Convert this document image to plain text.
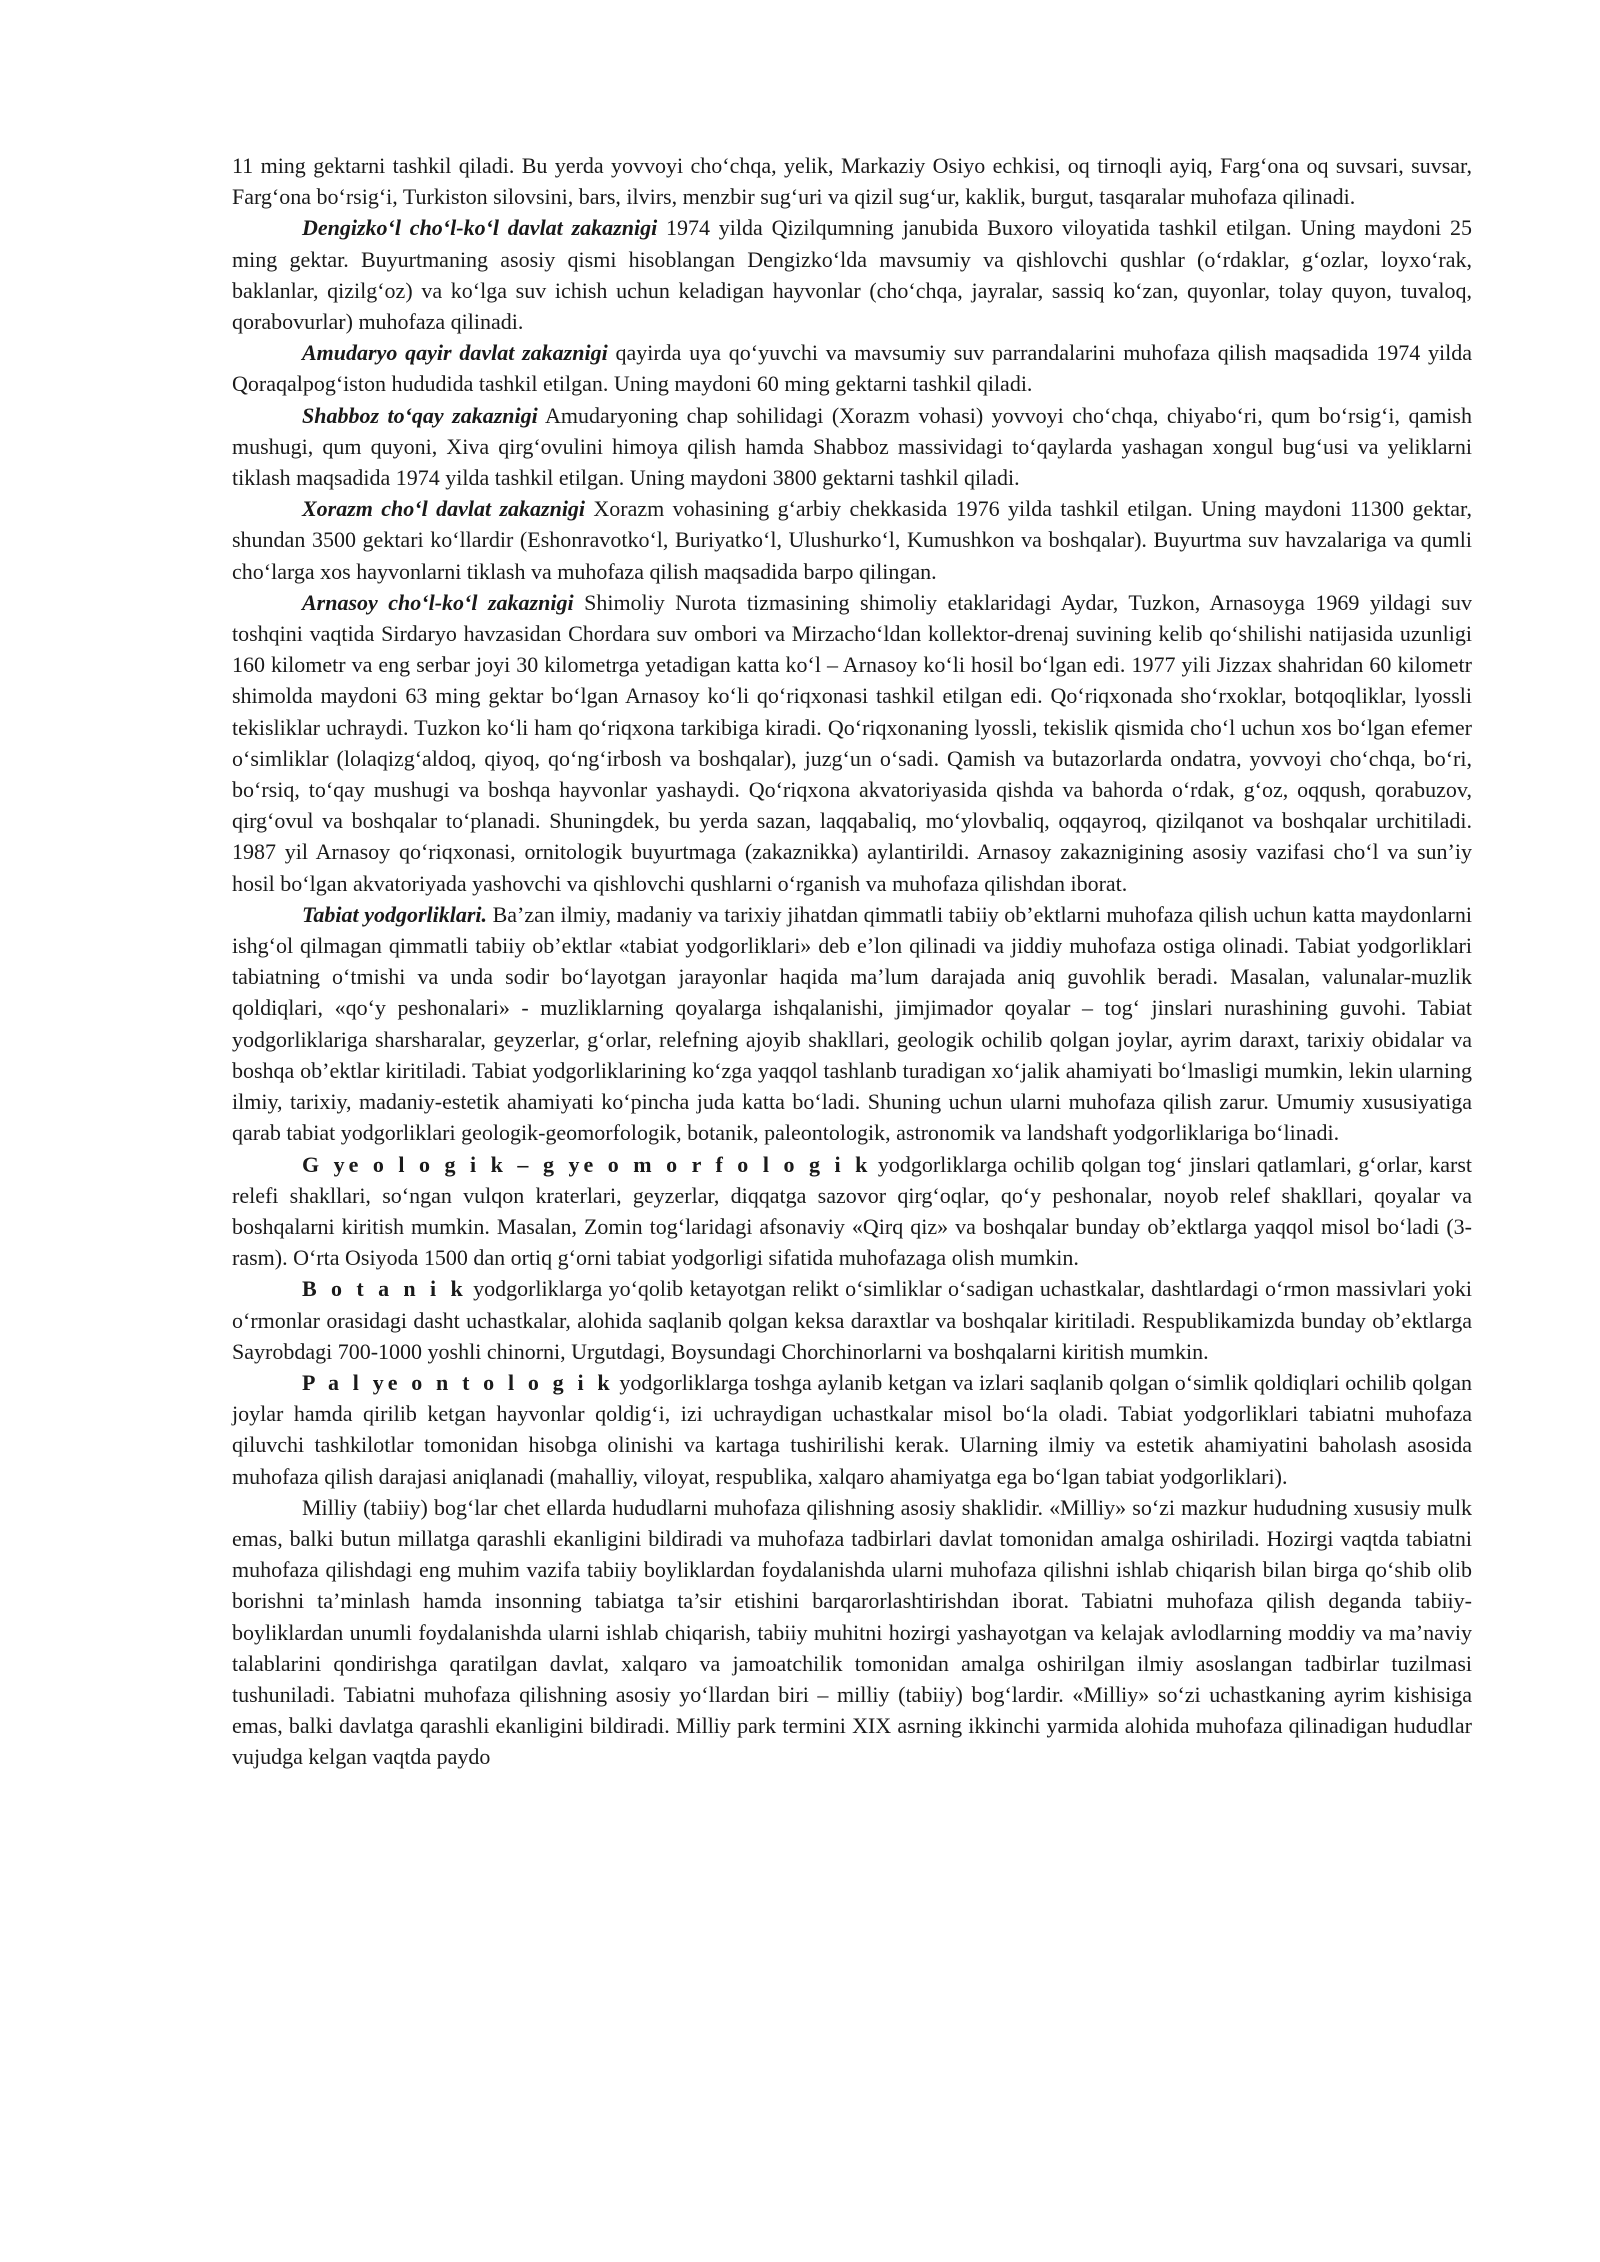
11 ming gektarni tashkil qiladi. Bu yerda yovvoyi cho‘chqa, yelik, Markaziy Osiyo echkisi, oq tirnoqli ayiq, Farg‘ona oq suvsari, suvsar, Farg‘ona bo‘rsig‘i, Turkiston silovsini, bars, ilvirs, menzbir sug‘uri va qizil sug‘ur, kaklik, burgut, tasqaralar muhofaza qilinadi.

Dengizko‘l cho‘l-ko‘l davlat zakaznigi 1974 yilda Qizilqumning janubida Buxoro viloyatida tashkil etilgan. Uning maydoni 25 ming gektar. Buyurtmaning asosiy qismi hisoblangan Dengizko‘lda mavsumiy va qishlovchi qushlar (o‘rdaklar, g‘ozlar, loyxo‘rak, baklanlar, qizilg‘oz) va ko‘lga suv ichish uchun keladigan hayvonlar (cho‘chqa, jayralar, sassiq ko‘zan, quyonlar, tolay quyon, tuvaloq, qorabovurlar) muhofaza qilinadi.

Amudaryo qayir davlat zakaznigi qayirda uya qo‘yuvchi va mavsumiy suv parrandalarini muhofaza qilish maqsadida 1974 yilda Qoraqalpog‘iston hududida tashkil etilgan. Uning maydoni 60 ming gektarni tashkil qiladi.

Shabboz to‘qay zakaznigi Amudaryoning chap sohilidagi (Xorazm vohasi) yovvoyi cho‘chqa, chiyabo‘ri, qum bo‘rsig‘i, qamish mushugi, qum quyoni, Xiva qirg‘ovulini himoya qilish hamda Shabboz massividagi to‘qaylarda yashagan xongul bug‘usi va yeliklarni tiklash maqsadida 1974 yilda tashkil etilgan. Uning maydoni 3800 gektarni tashkil qiladi.

Xorazm cho‘l davlat zakaznigi Xorazm vohasining g‘arbiy chekkasida 1976 yilda tashkil etilgan. Uning maydoni 11300 gektar, shundan 3500 gektari ko‘llardir (Eshonravotko‘l, Buriyatko‘l, Ulushurko‘l, Kumushkon va boshqalar). Buyurtma suv havzalariga va qumli cho‘larga xos hayvonlarni tiklash va muhofaza qilish maqsadida barpo qilingan.

Arnasoy cho‘l-ko‘l zakaznigi Shimoliy Nurota tizmasining shimoliy etaklaridagi Aydar, Tuzkon, Arnasoyga 1969 yildagi suv toshqini vaqtida Sirdaryo havzasidan Chordara suv ombori va Mirzacho‘ldan kollektor-drenaj suvining kelib qo‘shilishi natijasida uzunligi 160 kilometr va eng serbar joyi 30 kilometrga yetadigan katta ko‘l – Arnasoy ko‘li hosil bo‘lgan edi. 1977 yili Jizzax shahridan 60 kilometr shimolda maydoni 63 ming gektar bo‘lgan Arnasoy ko‘li qo‘riqxonasi tashkil etilgan edi. Qo‘riqxonada sho‘rxoklar, botqoqliklar, lyossli tekisliklar uchraydi. Tuzkon ko‘li ham qo‘riqxona tarkibiga kiradi. Qo‘riqxonaning lyossli, tekislik qismida cho‘l uchun xos bo‘lgan efemer o‘simliklar (lolaqizg‘aldoq, qiyoq, qo‘ng‘irbosh va boshqalar), juzg‘un o‘sadi. Qamish va butazorlarda ondatra, yovvoyi cho‘chqa, bo‘ri, bo‘rsiq, to‘qay mushugi va boshqa hayvonlar yashaydi. Qo‘riqxona akvatoriyasida qishda va bahorda o‘rdak, g‘oz, oqqush, qorabuzov, qirg‘ovul va boshqalar to‘planadi. Shuningdek, bu yerda sazan, laqqabaliq, mo‘ylovbaliq, oqqayroq, qizilqanot va boshqalar urchitiladi. 1987 yil Arnasoy qo‘riqxonasi, ornitologik buyurtmaga (zakaznikka) aylantirildi. Arnasoy zakaznigining asosiy vazifasi cho‘l va sun’iy hosil bo‘lgan akvatoriyada yashovchi va qishlovchi qushlarni o‘rganish va muhofaza qilishdan iborat.

Tabiat yodgorliklari. Ba’zan ilmiy, madaniy va tarixiy jihatdan qimmatli tabiiy ob’ektlarni muhofaza qilish uchun katta maydonlarni ishg‘ol qilmagan qimmatli tabiiy ob’ektlar «tabiat yodgorliklari» deb e’lon qilinadi va jiddiy muhofaza ostiga olinadi. Tabiat yodgorliklari tabiatning o‘tmishi va unda sodir bo‘layotgan jarayonlar haqida ma’lum darajada aniq guvohlik beradi. Masalan, valunalar-muzlik qoldiqlari, «qo‘y peshonalari» - muzliklarning qoyalarga ishqalanishi, jimjimador qoyalar – tog‘ jinslari nurashining guvohi. Tabiat yodgorliklariga sharsharalar, geyzerlar, g‘orlar, relefning ajoyib shakllari, geologik ochilib qolgan joylar, ayrim daraxt, tarixiy obidalar va boshqa ob’ektlar kiritiladi. Tabiat yodgorliklarining ko‘zga yaqqol tashlanb turadigan xo‘jalik ahamiyati bo‘lmasligi mumkin, lekin ularning ilmiy, tarixiy, madaniy-estetik ahamiyati ko‘pincha juda katta bo‘ladi. Shuning uchun ularni muhofaza qilish zarur. Umumiy xususiyatiga qarab tabiat yodgorliklari geologik-geomorfologik, botanik, paleontologik, astronomik va landshaft yodgorliklariga bo‘linadi.

G ye o l o g i k – g ye o m o r f o l o g i k yodgorliklarga ochilib qolgan tog‘ jinslari qatlamlari, g‘orlar, karst relefi shakllari, so‘ngan vulqon kraterlari, geyzerlar, diqqatga sazovor qirg‘oqlar, qo‘y peshonalar, noyob relef shakllari, qoyalar va boshqalarni kiritish mumkin. Masalan, Zomin tog‘laridagi afsonaviy «Qirq qiz» va boshqalar bunday ob’ektlarga yaqqol misol bo‘ladi (3-rasm). O‘rta Osiyoda 1500 dan ortiq g‘orni tabiat yodgorligi sifatida muhofazaga olish mumkin.

B o t a n i k yodgorliklarga yo‘qolib ketayotgan relikt o‘simliklar o‘sadigan uchastkalar, dashtlardagi o‘rmon massivlari yoki o‘rmonlar orasidagi dasht uchastkalar, alohida saqlanib qolgan keksa daraxtlar va boshqalar kiritiladi. Respublikamizda bunday ob’ektlarga Sayrobdagi 700-1000 yoshli chinorni, Urgutdagi, Boysundagi Chorchinorlarni va boshqalarni kiritish mumkin.

P a l ye o n t o l o g i k yodgorliklarga toshga aylanib ketgan va izlari saqlanib qolgan o‘simlik qoldiqlari ochilib qolgan joylar hamda qirilib ketgan hayvonlar qoldig‘i, izi uchraydigan uchastkalar misol bo‘la oladi. Tabiat yodgorliklari tabiatni muhofaza qiluvchi tashkilotlar tomonidan hisobga olinishi va kartaga tushirilishi kerak. Ularning ilmiy va estetik ahamiyatini baholash asosida muhofaza qilish darajasi aniqlanadi (mahalliy, viloyat, respublika, xalqaro ahamiyatga ega bo‘lgan tabiat yodgorliklari).

Milliy (tabiiy) bog‘lar chet ellarda hududlarni muhofaza qilishning asosiy shaklidir. «Milliy» so‘zi mazkur hududning xususiy mulk emas, balki butun millatga qarashli ekanligini bildiradi va muhofaza tadbirlari davlat tomonidan amalga oshiriladi. Hozirgi vaqtda tabiatni muhofaza qilishdagi eng muhim vazifa tabiiy boyliklardan foydalanishda ularni muhofaza qilishni ishlab chiqarish bilan birga qo‘shib olib borishni ta’minlash hamda insonning tabiatga ta’sir etishini barqarorlashtirishdan iborat. Tabiatni muhofaza qilish deganda tabiiy-boyliklardan unumli foydalanishda ularni ishlab chiqarish, tabiiy muhitni hozirgi yashayotgan va kelajak avlodlarning moddiy va ma’naviy talablarini qondirishga qaratilgan davlat, xalqaro va jamoatchilik tomonidan amalga oshirilgan ilmiy asoslangan tadbirlar tuzilmasi tushuniladi. Tabiatni muhofaza qilishning asosiy yo‘llardan biri – milliy (tabiiy) bog‘lardir. «Milliy» so‘zi uchastkaning ayrim kishisiga emas, balki davlatga qarashli ekanligini bildiradi. Milliy park termini XIX asrning ikkinchi yarmida alohida muhofaza qilinadigan hududlar vujudga kelgan vaqtda paydo
